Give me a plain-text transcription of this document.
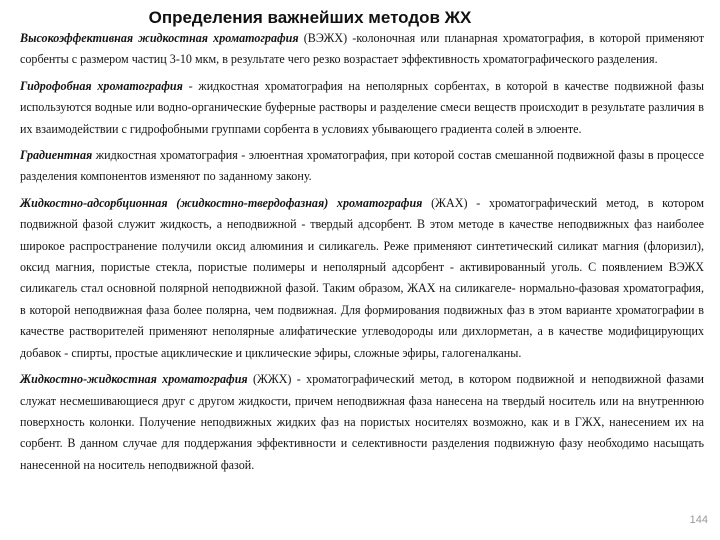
Определения важнейших методов ЖХ

Высокоэффективная жидкостная хроматография (ВЭЖХ) -колоночная или планарная хроматография, в которой применяют сорбенты с размером частиц 3-10 мкм, в результате чего резко возрастает эффективность хроматографического разделения.

Гидрофобная хроматография - жидкостная хроматография на неполярных сорбентах, в которой в качестве подвижной фазы используются водные или водно-органические буферные растворы и разделение смеси веществ происходит в результате различия в их взаимодействии с гидрофобными группами сорбента в условиях убывающего градиента солей в элюенте.

Градиентная жидкостная хроматография - элюентная хроматография, при которой состав смешанной подвижной фазы в процессе разделения компонентов изменяют по заданному закону.

Жидкостно-адсорбционная (жидкостно-твердофазная) хроматография (ЖАХ) - хроматографический метод, в котором подвижной фазой служит жидкость, а неподвижной - твердый адсорбент. В этом методе в качестве неподвижных фаз наиболее широкое распространение получили оксид алюминия и силикагель. Реже применяют синтетический силикат магния (флоризил), оксид магния, пористые стекла, пористые полимеры и неполярный адсорбент - активированный уголь. С появлением ВЭЖХ силикагель стал основной полярной неподвижной фазой. Таким образом, ЖАХ на силикагеле- нормально-фазовая хроматография, в которой неподвижная фаза более полярна, чем подвижная. Для формирования подвижных фаз в этом варианте хроматографии в качестве растворителей применяют неполярные алифатические углеводороды или дихлорметан, а в качестве модифицирующих добавок - спирты, простые ациклические и циклические эфиры, сложные эфиры, галогеналканы.

Жидкостно-жидкостная хроматография (ЖЖХ) - хроматографический метод, в котором подвижной и неподвижной фазами служат несмешивающиеся друг с другом жидкости, причем неподвижная фаза нанесена на твердый носитель или на внутреннюю поверхность колонки. Получение неподвижных жидких фаз на пористых носителях возможно, как и в ГЖХ, нанесением их на сорбент. В данном случае для поддержания эффективности и селективности разделения подвижную фазу необходимо насыщать нанесенной на носитель неподвижной фазой.

144
